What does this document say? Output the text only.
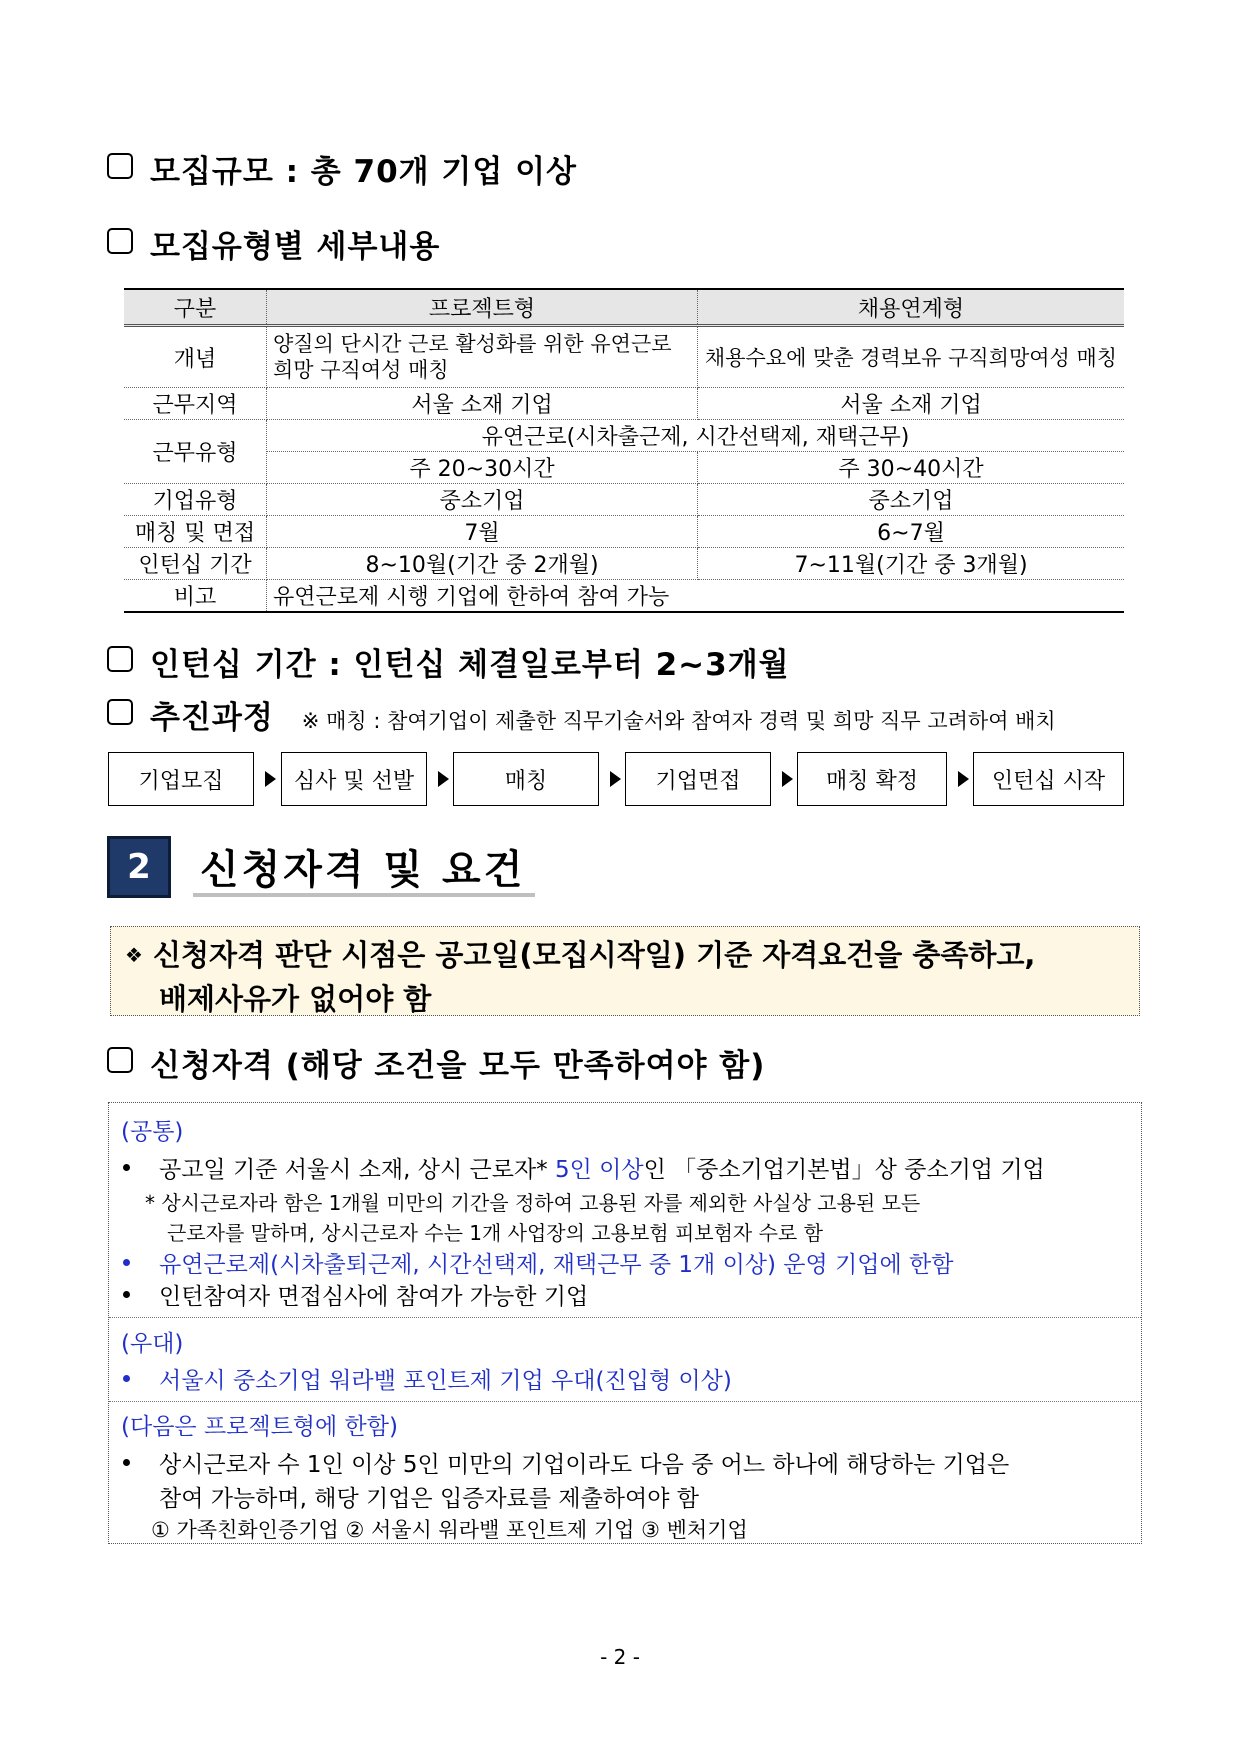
모집규모 : 총 70개 기업 이상
모집유형별 세부내용
구분	프로젝트형	채용연계형
개념	양질의 단시간 근로 활성화를 위한 유연근로 희망 구직여성 매칭	채용수요에 맞춘 경력보유 구직희망여성 매칭
근무지역	서울 소재 기업	서울 소재 기업
근무유형	유연근로(시차출근제, 시간선택제, 재택근무)	
	주 20~30시간	주 30~40시간
기업유형	중소기업	중소기업
매칭 및 면접	7월	6~7월
인턴십 기간	8~10월(기간 중 2개월)	7~11월(기간 중 3개월)
비고	유연근로제 시행 기업에 한하여 참여 가능	
인턴십 기간 : 인턴십 체결일로부터 2~3개월
추진과정 ※ 매칭 : 참여기업이 제출한 직무기술서와 참여자 경력 및 희망 직무 고려하여 배치
기업모집	심사 및 선발	매칭	기업면접	매칭 확정	인턴십 시작
2	신청자격 및 요건
❖ 신청자격 판단 시점은 공고일(모집시작일) 기준 자격요건을 충족하고,
배제사유가 없어야 함
신청자격 (해당 조건을 모두 만족하여야 함)
(공통)
공고일 기준 서울시 소재, 상시 근로자* 5인 이상인 「중소기업기본법」상 중소기업 기업
* 상시근로자라 함은 1개월 미만의 기간을 정하여 고용된 자를 제외한 사실상 고용된 모든
근로자를 말하며, 상시근로자 수는 1개 사업장의 고용보험 피보험자 수로 함
유연근로제(시차출퇴근제, 시간선택제, 재택근무 중 1개 이상) 운영 기업에 한함
인턴참여자 면접심사에 참여가 가능한 기업
(우대)
서울시 중소기업 워라밸 포인트제 기업 우대(진입형 이상)
(다음은 프로젝트형에 한함)
상시근로자 수 1인 이상 5인 미만의 기업이라도 다음 중 어느 하나에 해당하는 기업은
참여 가능하며, 해당 기업은 입증자료를 제출하여야 함
① 가족친화인증기업 ② 서울시 워라밸 포인트제 기업 ③ 벤처기업
- 2 -
